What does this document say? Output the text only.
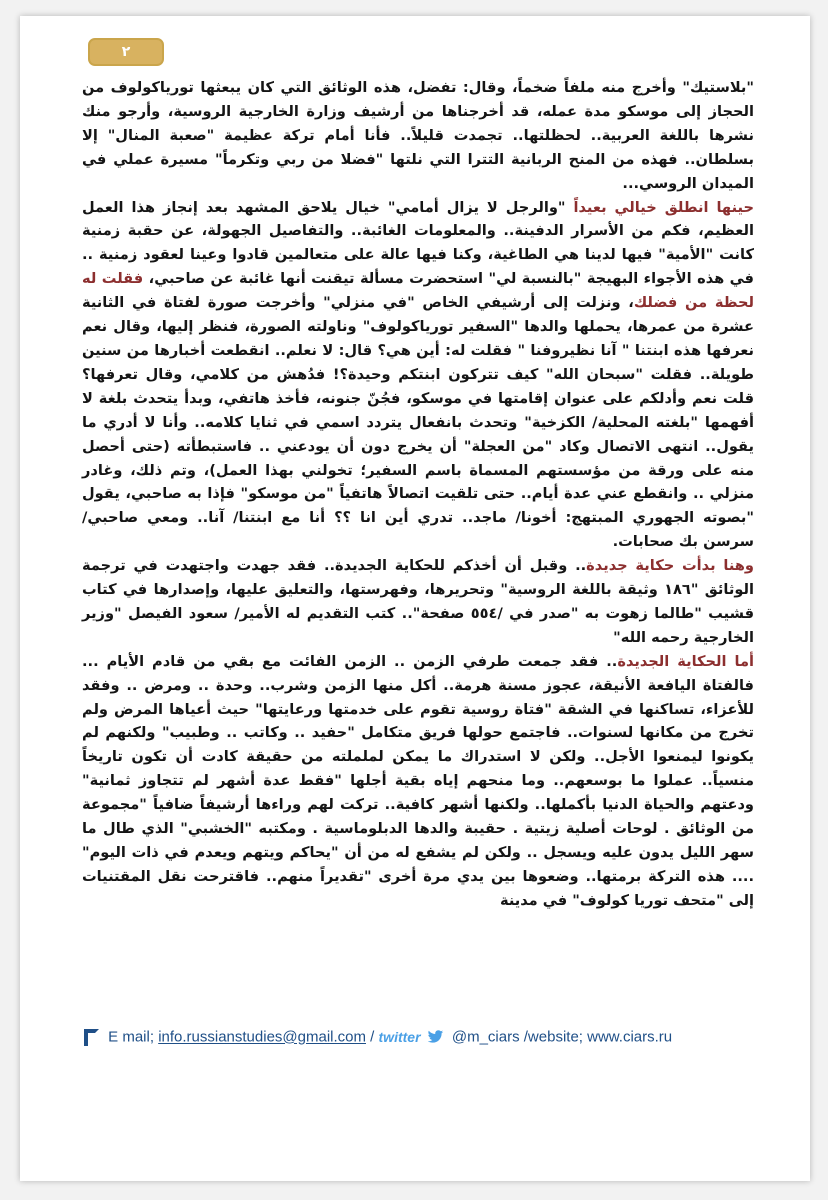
٢

"بلاستيك" وأخرج منه ملفاً ضخماً، وقال: تفضل، هذه الوثائق التي كان يبعثها تورياكولوف من الحجاز إلى موسكو مدة عمله، قد أخرجناها من أرشيف وزارة الخارجية الروسية، وأرجو منك نشرها باللغة العربية.. لحظلتها.. تجمدت قليلاً.. فأنا أمام تركة عظيمة "صعبة المنال" إلا بسلطان.. فهذه من المنح الربانية التترا التي نلتها "فضلا من ربي وتكرماً" مسيرة عملي في الميدان الروسي...

حينها انطلق خيالي بعيداً "والرجل لا يزال أمامي" خيال يلاحق المشهد بعد إنجاز هذا العمل العظيم، فكم من الأسرار الدفينة.. والمعلومات الغائبة.. والتفاصيل الجهولة، عن حقبة زمنية كانت "الأمية" فيها لدينا هي الطاغية، وكنا فيها عالة على متعالمين قادوا وعينا لعقود زمنية .. في هذه الأجواء البهيجة "بالنسبة لي" استحضرت مسألة تيقنت أنها غائبة عن صاحبي، فقلت له لحظة من فضلك، ونزلت إلى أرشيفي الخاص "في منزلي" وأخرجت صورة لفتاة في الثانية عشرة من عمرها، يحملها والدها "السفير تورياكولوف" وناولته الصورة، فنظر إليها، وقال نعم نعرفها هذه ابنتنا " آنا نظيروفنا " فقلت له: أين هي؟ قال: لا نعلم.. انقطعت أخبارها من سنين طويلة.. فقلت "سبحان الله" كيف تتركون ابنتكم وحيدة؟! فدُهش من كلامي، وقال تعرفها؟ قلت نعم وأدلكم على عنوان إقامتها في موسكو، فجُنّ جنونه، فأخذ هاتفي، وبدأ يتحدث بلغة لا أفهمها "بلغته المحلية/ الكزخية" وتحدث بانفعال يتردد اسمي في ثنايا كلامه.. وأنا لا أدري ما يقول.. انتهى الاتصال وكاد "من العجلة" أن يخرج دون أن يودعني .. فاستبطأته (حتى أحصل منه على ورقة من مؤسستهم المسماة باسم السفير؛ تخولني بهذا العمل)، وتم ذلك، وغادر منزلي .. وانقطع عني عدة أيام.. حتى تلقيت اتصالاً هاتفياً "من موسكو" فإذا به صاحبي، يقول "بصوته الجهوري المبتهج: أخونا/ ماجد.. تدري أين انا ؟؟ أنا مع ابنتنا/ آنا.. ومعي صاحبي/ سرسن بك صحابات.

وهنا بدأت حكاية جديدة.. وقبل أن أخذكم للحكاية الجديدة.. فقد جهدت واجتهدت في ترجمة الوثائق "١٨٦ وثيقة باللغة الروسية" وتحريرها، وفهرستها، والتعليق عليها، وإصدارها في كتاب قشيب "طالما زهوت به "صدر في /٥٥٤ صفحة".. كتب التقديم له الأمير/ سعود الفيصل "وزير الخارجية رحمه الله"

أما الحكاية الجديدة.. فقد جمعت طرفي الزمن .. الزمن الفائت مع بقي من قادم الأيام ... فالفتاة اليافعة الأنيقة، عجوز مسنة هرمة.. أكل منها الزمن وشرب.. وحدة .. ومرض .. وفقد للأعزاء، تساكنها في الشقة "فتاة روسية تقوم على خدمتها ورعايتها" حيث أعياها المرض ولم تخرج من مكانها لسنوات.. فاجتمع حولها فريق متكامل "حفيد .. وكاتب .. وطبيب" ولكنهم لم يكونوا ليمنعوا الأجل.. ولكن لا استدراك ما يمكن لململته من حقيقة كادت أن تكون تاريخاً منسياً.. عملوا ما بوسعهم.. وما منحهم إياه بقية أجلها "فقط عدة أشهر لم تتجاوز ثمانية" ودعتهم والحياة الدنيا بأكملها.. ولكنها أشهر كافية.. تركت لهم وراءها أرشيفاً ضافياً "مجموعة من الوثائق . لوحات أصلية زيتية . حقيبة والدها الدبلوماسية . ومكتبه "الخشبي" الذي طال ما سهر الليل يدون عليه ويسجل .. ولكن لم يشفع له من أن "يحاكم ويتهم ويعدم في ذات اليوم" .... هذه التركة برمتها.. وضعوها بين يدي مرة أخرى "تقديراً منهم.. فاقترحت نقل المقتنيات إلى "متحف توريا كولوف" في مدينة

E mail; info.russianstudies@gmail.com / twitter @m_ciars /website; www.ciars.ru
